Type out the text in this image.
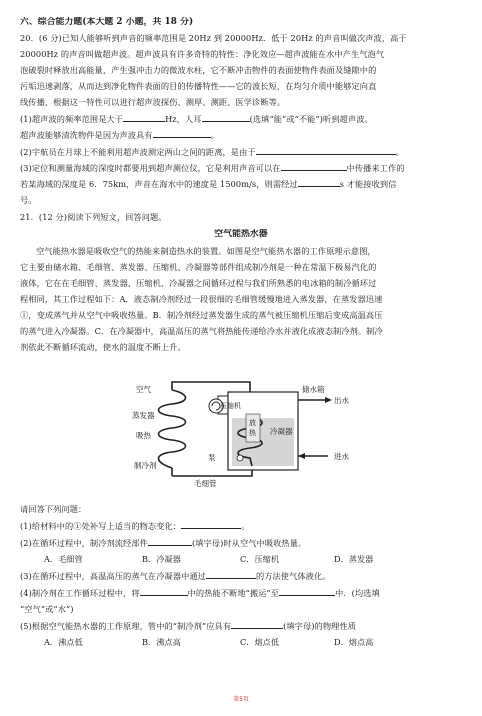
六、综合能力题(本大题 2 小题，共 18 分)
20．(6 分)已知人能够听到声音的频率范围是 20Hz 到 20000Hz．低于 20Hz 的声音叫做次声波，高于
20000Hz 的声音叫做超声波。超声波具有许多奇特的特性：净化效应—超声波能在水中产生气泡气
泡破裂时释放出高能量，产生强冲击力的微波水柱，它不断冲击物件的表面使物件表面及缝隙中的
污垢迅速剥落，从而达到净化物件表面的目的传播特性——它的波长短，在均匀介质中能够定向直
线传播，根据这一特性可以进行超声波探伤、测厚、测距、医学诊断等。
(1)超声波的频率范围是大于	Hz，人耳	(选填“能”或“不能”)听到超声波。
超声波能够清洗物件是因为声波具有	。
(2)宇航员在月球上不能利用超声波测定两山之间的距离，是由于	。
(3)定位和测量海域的深度时都要用到超声测位仪，它是利用声音可以在	中传播来工作的
若某海域的深度是 6．75km，声音在海水中的速度是 1500m/s，则需经过	s 才能接收到信
号。
21．(12 分)阅读下列短文，回答问题。
空气能热水器
空气能热水器是吸收空气的热能来制造热水的装置。如图是空气能热水器的工作原理示意图，
它主要由储水箱、毛细管、蒸发器、压缩机、冷凝器等部件组成制冷剂是一种在常温下极易汽化的
液体，它在在毛细管、蒸发器、压缩机、冷凝器之间循环过程与我们所熟悉的电冰箱的制冷循环过
程相同，其工作过程如下：A．液态制冷剂经过一段很细的毛细管缓慢地进入蒸发器，在蒸发器迅速
①，变成蒸气并从空气中吸收热量。B．制冷剂经过蒸发器生成的蒸气被压缩机压缩后变成高温高压
的蒸气进入冷凝器。C．在冷凝器中，高温高压的蒸气将热能传递给冷水并液化成液态制冷剂。制冷
剂依此不断循环流动，使水的温度不断上升。
空气
压缩机
储水箱
出水
蒸发器
冷凝器
吸热
放
热
泵	进水
制冷剂
毛细管
请回答下列问题：
(1)给材料中的①处补写上适当的物态变化：	。
(2)在循环过程中，制冷剂流经部件	(填字母)时从空气中吸收热量。
A．毛细管	B．冷凝器	C．压缩机	D．蒸发器
(3)在循环过程中，高温高压的蒸气在冷凝器中通过	的方法使气体液化。
(4)制冷剂在工作循环过程中，将	中的热能不断地“搬运”至	中．(均选填
“空气”或“水”)
(5)根据空气能热水器的工作原理，管中的“制冷剂”应具有	(填字母)的物理性质
A．沸点低	B．沸点高	C．熔点低	D．熔点高
第5页
